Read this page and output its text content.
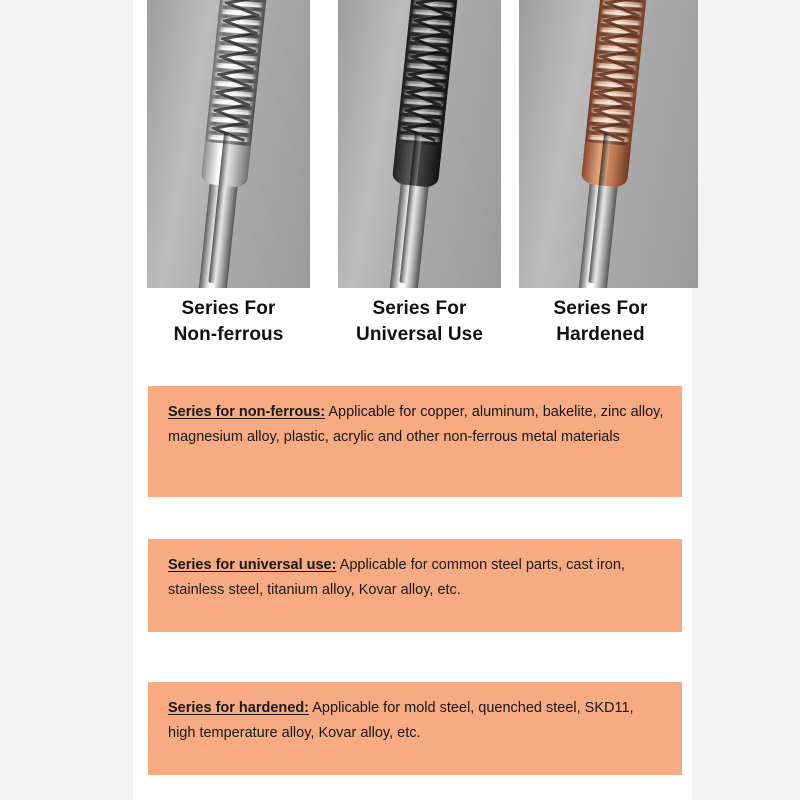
Series For
Non-ferrous
Series For
Universal Use
Series For
Hardened
Series for non-ferrous: Applicable for copper, aluminum, bakelite, zinc alloy, magnesium alloy, plastic, acrylic and other non-ferrous metal materials
Series for universal use: Applicable for common steel parts, cast iron, stainless steel, titanium alloy, Kovar alloy, etc.
Series for hardened: Applicable for mold steel, quenched steel, SKD11, high temperature alloy, Kovar alloy, etc.
